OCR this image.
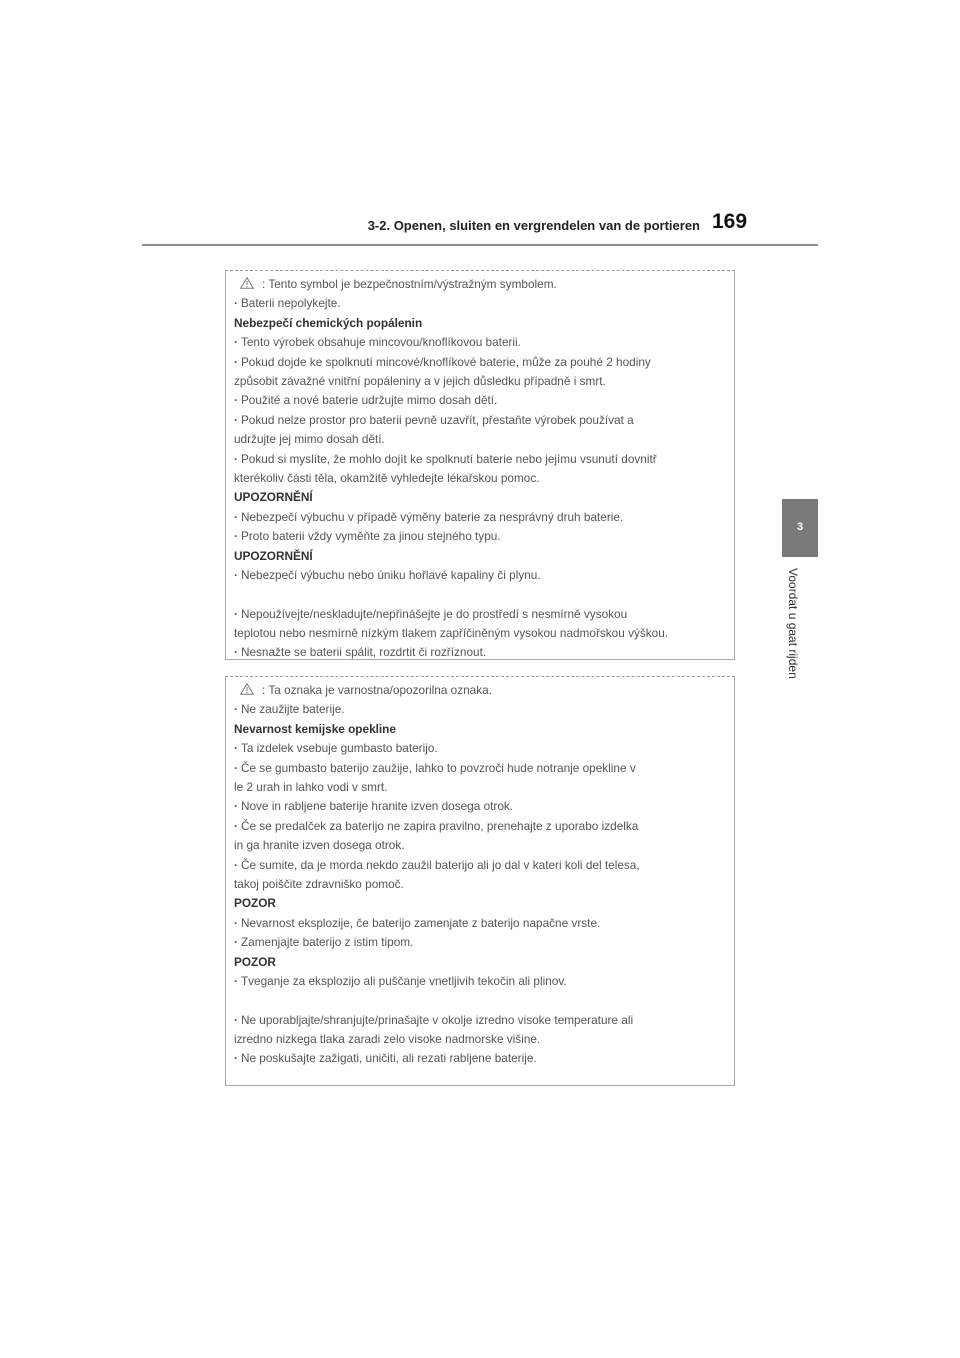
3-2. Openen, sluiten en vergrendelen van de portieren 169
3
Voordat u gaat rijden
: Tento symbol je bezpečnostním/výstražným symbolem.
· Baterii nepolykejte.
Nebezpečí chemických popálenin
· Tento výrobek obsahuje mincovou/knoflíkovou baterii.
· Pokud dojde ke spolknutí mincové/knoflíkové baterie, může za pouhé 2 hodiny
způsobit závažné vnitřní popáleniny a v jejich důsledku případně i smrt.
· Použité a nové baterie udržujte mimo dosah dětí.
· Pokud nelze prostor pro baterii pevně uzavřít, přestaňte výrobek používat a
udržujte jej mimo dosah dětí.
· Pokud si myslíte, že mohlo dojít ke spolknutí baterie nebo jejímu vsunutí dovnitř
kterékoliv části těla, okamžitě vyhledejte lékařskou pomoc.
UPOZORNĚNÍ
· Nebezpečí výbuchu v případě výměny baterie za nesprávný druh baterie.
· Proto baterii vždy vyměňte za jinou stejného typu.
UPOZORNĚNÍ
· Nebezpečí výbuchu nebo úniku hořlavé kapaliny či plynu.
· Nepoužívejte/neskladujte/nepřinášejte je do prostředí s nesmírně vysokou
teplotou nebo nesmírně nízkým tlakem zapříčiněným vysokou nadmořskou výškou.
· Nesnažte se baterii spálit, rozdrtit či rozříznout.
: Ta oznaka je varnostna/opozorilna oznaka.
· Ne zaužijte baterije.
Nevarnost kemijske opekline
· Ta izdelek vsebuje gumbasto baterijo.
· Če se gumbasto baterijo zaužije, lahko to povzroči hude notranje opekline v
le 2 urah in lahko vodi v smrt.
· Nove in rabljene baterije hranite izven dosega otrok.
· Če se predalček za baterijo ne zapira pravilno, prenehajte z uporabo izdelka
in ga hranite izven dosega otrok.
· Če sumite, da je morda nekdo zaužil baterijo ali jo dal v kateri koli del telesa,
takoj poiščite zdravniško pomoč.
POZOR
· Nevarnost eksplozije, če baterijo zamenjate z baterijo napačne vrste.
· Zamenjajte baterijo z istim tipom.
POZOR
· Tveganje za eksplozijo ali puščanje vnetljivih tekočin ali plinov.
· Ne uporabljajte/shranjujte/prinašajte v okolje izredno visoke temperature ali
izredno nizkega tlaka zaradi zelo visoke nadmorske višine.
· Ne poskušajte zažigati, uničiti, ali rezati rabljene baterije.
